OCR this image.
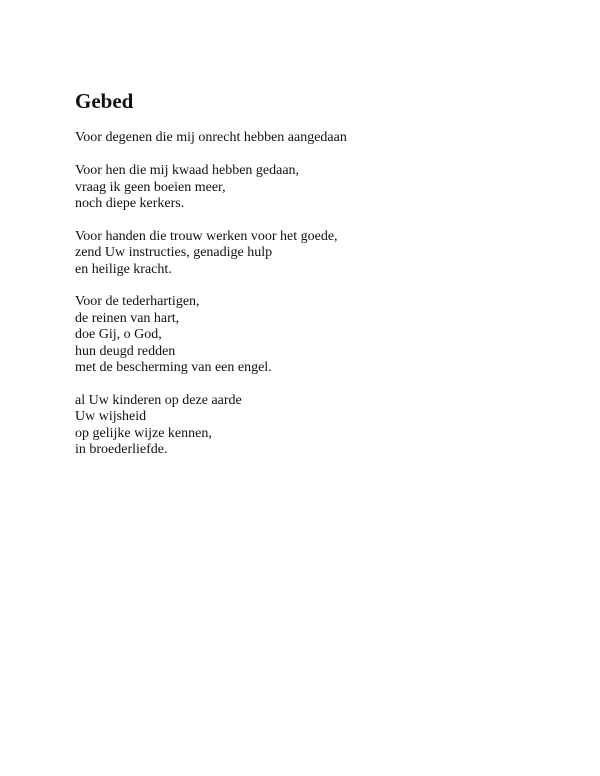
Gebed

Voor degenen die mij onrecht hebben aangedaan

Voor hen die mij kwaad hebben gedaan,
vraag ik geen boeien meer,
noch diepe kerkers.
Voor handen die trouw werken voor het goede,
zend Uw instructies, genadige hulp
en heilige kracht.
Voor de tederhartigen,
de reinen van hart,
doe Gij, o God,
hun deugd redden
met de bescherming van een engel.
al Uw kinderen op deze aarde
Uw wijsheid
op gelijke wijze kennen,
in broederliefde.
